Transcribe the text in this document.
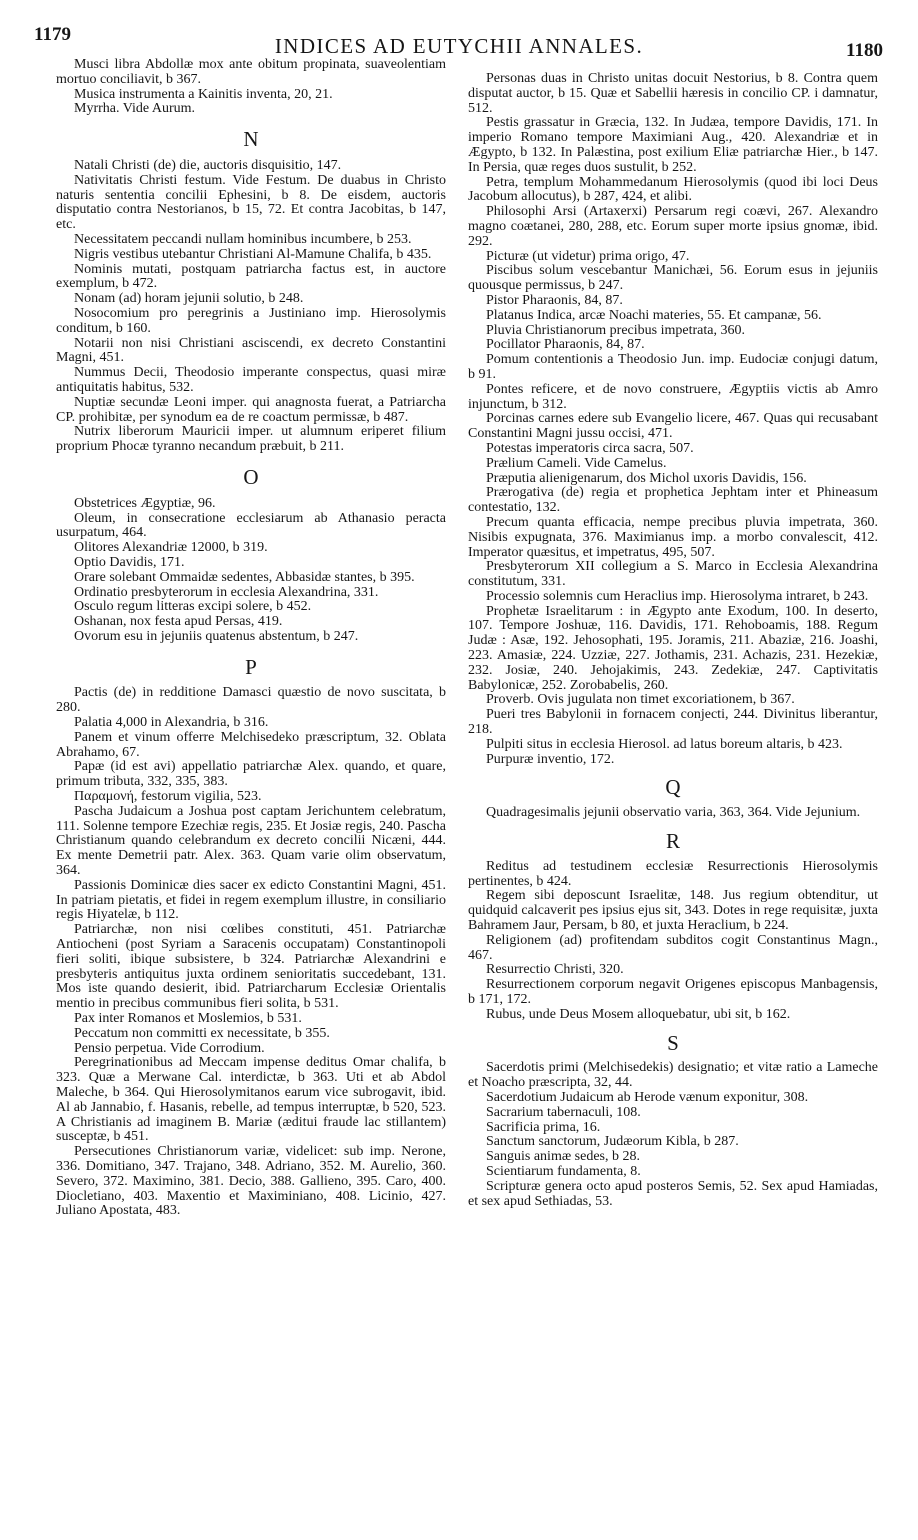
1179	INDICES AD EUTYCHII ANNALES.	1180
Musci libra Abdollæ mox ante obitum propinata, suaveolentiam mortuo conciliavit, b 367.
Musica instrumenta a Kainitis inventa, 20, 21.
Myrrha. Vide Aurum.
N
Natali Christi (de) die, auctoris disquisitio, 147.
Nativitatis Christi festum. Vide Festum. De duabus in Christo naturis sententia concilii Ephesini, b 8. De eisdem, auctoris disputatio contra Nestorianos, b 15, 72. Et contra Jacobitas, b 147, etc.
Necessitatem peccandi nullam hominibus incumbere, b 253.
Nigris vestibus utebantur Christiani Al-Mamune Chalifa, b 435.
Nominis mutati, postquam patriarcha factus est, in auctore exemplum, b 472.
Nonam (ad) horam jejunii solutio, b 248.
Nosocomium pro peregrinis a Justiniano imp. Hierosolymis conditum, b 160.
Notarii non nisi Christiani asciscendi, ex decreto Constantini Magni, 451.
Nummus Decii, Theodosio imperante conspectus, quasi miræ antiquitatis habitus, 532.
Nuptiæ secundæ Leoni imper. qui anagnosta fuerat, a Patriarcha CP. prohibitæ, per synodum ea de re coactum permissæ, b 487.
Nutrix liberorum Mauricii imper. ut alumnum eriperet filium proprium Phocæ tyranno necandum præbuit, b 211.
O
Obstetrices Ægyptiæ, 96.
Oleum, in consecratione ecclesiarum ab Athanasio peracta usurpatum, 464.
Olitores Alexandriæ 12000, b 319.
Optio Davidis, 171.
Orare solebant Ommaidæ sedentes, Abbasidæ stantes, b 395.
Ordinatio presbyterorum in ecclesia Alexandrina, 331.
Osculo regum litteras excipi solere, b 452.
Oshanan, nox festa apud Persas, 419.
Ovorum esu in jejuniis quatenus abstentum, b 247.
P
Pactis (de) in redditione Damasci quæstio de novo suscitata, b 280.
Palatia 4,000 in Alexandria, b 316.
Panem et vinum offerre Melchisedeko præscriptum, 32. Oblata Abrahamo, 67.
Papæ (id est avi) appellatio patriarchæ Alex. quando, et quare, primum tributa, 332, 335, 383.
Παραμονή, festorum vigilia, 523.
Pascha Judaicum a Joshua post captam Jerichuntem celebratum, 111. Solenne tempore Ezechiæ regis, 235. Et Josiæ regis, 240. Pascha Christianum quando celebrandum ex decreto concilii Nicæni, 444. Ex mente Demetrii patr. Alex. 363. Quam varie olim observatum, 364.
Passionis Dominicæ dies sacer ex edicto Constantini Magni, 451. In patriam pietatis, et fidei in regem exemplum illustre, in consiliario regis Hiyatelæ, b 112.
Patriarchæ, non nisi cœlibes constituti, 451. Patriarchæ Antiocheni (post Syriam a Saracenis occupatam) Constantinopoli fieri soliti, ibique subsistere, b 324. Patriarchæ Alexandrini e presbyteris antiquitus juxta ordinem senioritatis succedebant, 131. Mos iste quando desierit, ibid. Patriarcharum Ecclesiæ Orientalis mentio in precibus communibus fieri solita, b 531.
Pax inter Romanos et Moslemios, b 531.
Peccatum non committi ex necessitate, b 355.
Pensio perpetua. Vide Corrodium.
Peregrinationibus ad Meccam impense deditus Omar chalifa, b 323. Quæ a Merwane Cal. interdictæ, b 363. Uti et ab Abdol Maleche, b 364. Qui Hierosolymitanos earum vice subrogavit, ibid. Al ab Jannabio, f. Hasanis, rebelle, ad tempus interruptæ, b 520, 523. A Christianis ad imaginem B. Mariæ (æditui fraude lac stillantem) susceptæ, b 451.
Persecutiones Christianorum variæ, videlicet: sub imp. Nerone, 336. Domitiano, 347. Trajano, 348. Adriano, 352. M. Aurelio, 360. Severo, 372. Maximino, 381. Decio, 388. Gallieno, 395. Caro, 400. Diocletiano, 403. Maxentio et Maximiniano, 408. Licinio, 427. Juliano Apostata, 483.
Personas duas in Christo unitas docuit Nestorius, b 8. Contra quem disputat auctor, b 15. Quæ et Sabellii hæresis in concilio CP. i damnatur, 512.
Pestis grassatur in Græcia, 132. In Judæa, tempore Davidis, 171. In imperio Romano tempore Maximiani Aug., 420. Alexandriæ et in Ægypto, b 132. In Palæstina, post exilium Eliæ patriarchæ Hier., b 147. In Persia, quæ reges duos sustulit, b 252.
Petra, templum Mohammedanum Hierosolymis (quod ibi loci Deus Jacobum allocutus), b 287, 424, et alibi.
Philosophi Arsi (Artaxerxi) Persarum regi coævi, 267. Alexandro magno coætanei, 280, 288, etc. Eorum super morte ipsius gnomæ, ibid. 292.
Picturæ (ut videtur) prima origo, 47.
Piscibus solum vescebantur Manichæi, 56. Eorum esus in jejuniis quousque permissus, b 247.
Pistor Pharaonis, 84, 87.
Platanus Indica, arcæ Noachi materies, 55. Et campanæ, 56.
Pluvia Christianorum precibus impetrata, 360.
Pocillator Pharaonis, 84, 87.
Pomum contentionis a Theodosio Jun. imp. Eudociæ conjugi datum, b 91.
Pontes reficere, et de novo construere, Ægyptiis victis ab Amro injunctum, b 312.
Porcinas carnes edere sub Evangelio licere, 467. Quas qui recusabant Constantini Magni jussu occisi, 471.
Potestas imperatoris circa sacra, 507.
Prælium Cameli. Vide Camelus.
Præputia alienigenarum, dos Michol uxoris Davidis, 156.
Prærogativa (de) regia et prophetica Jephtam inter et Phineasum contestatio, 132.
Precum quanta efficacia, nempe precibus pluvia impetrata, 360. Nisibis expugnata, 376. Maximianus imp. a morbo convalescit, 412. Imperator quæsitus, et impetratus, 495, 507.
Presbyterorum XII collegium a S. Marco in Ecclesia Alexandrina constitutum, 331.
Processio solemnis cum Heraclius imp. Hierosolyma intraret, b 243.
Prophetæ Israelitarum : in Ægypto ante Exodum, 100. In deserto, 107. Tempore Joshuæ, 116. Davidis, 171. Rehoboamis, 188. Regum Judæ : Asæ, 192. Jehosophati, 195. Joramis, 211. Abaziæ, 216. Joashi, 223. Amasiæ, 224. Uzziæ, 227. Jothamis, 231. Achazis, 231. Hezekiæ, 232. Josiæ, 240. Jehojakimis, 243. Zedekiæ, 247. Captivitatis Babylonicæ, 252. Zorobabelis, 260.
Proverb. Ovis jugulata non timet excoriationem, b 367.
Pueri tres Babylonii in fornacem conjecti, 244. Divinitus liberantur, 218.
Pulpiti situs in ecclesia Hierosol. ad latus boreum altaris, b 423.
Purpuræ inventio, 172.
Q
Quadragesimalis jejunii observatio varia, 363, 364. Vide Jejunium.
R
Reditus ad testudinem ecclesiæ Resurrectionis Hierosolymis pertinentes, b 424.
Regem sibi deposcunt Israelitæ, 148. Jus regium obtenditur, ut quidquid calcaverit pes ipsius ejus sit, 343. Dotes in rege requisitæ, juxta Bahramem Jaur, Persam, b 80, et juxta Heraclium, b 224.
Religionem (ad) profitendam subditos cogit Constantinus Magn., 467.
Resurrectio Christi, 320.
Resurrectionem corporum negavit Origenes episcopus Manbagensis, b 171, 172.
Rubus, unde Deus Mosem alloquebatur, ubi sit, b 162.
S
Sacerdotis primi (Melchisedekis) designatio; et vitæ ratio a Lameche et Noacho præscripta, 32, 44.
Sacerdotium Judaicum ab Herode vænum exponitur, 308.
Sacrarium tabernaculi, 108.
Sacrificia prima, 16.
Sanctum sanctorum, Judæorum Kibla, b 287.
Sanguis animæ sedes, b 28.
Scientiarum fundamenta, 8.
Scripturæ genera octo apud posteros Semis, 52. Sex apud Hamiadas, et sex apud Sethiadas, 53.
